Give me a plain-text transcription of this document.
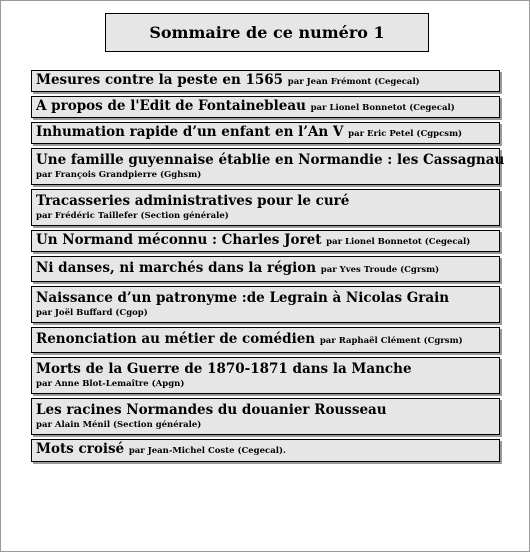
Sommaire de ce numéro 1
Mesures contre la peste en 1565 par Jean Frémont (Cegecal)
A propos de l'Edit de Fontainebleau par Lionel Bonnetot (Cegecal)
Inhumation rapide d’un enfant en l’An V par Eric Petel (Cgpcsm)
Une famille guyennaise établie en Normandie : les Cassagnau
par François Grandpierre (Gghsm)
Tracasseries administratives pour le curé
par Frédéric Taillefer (Section générale)
Un Normand méconnu : Charles Joret par Lionel Bonnetot (Cegecal)
Ni danses, ni marchés dans la région par Yves Troude (Cgrsm)
Naissance d’un patronyme :de Legrain à Nicolas Grain
par Joël Buffard (Cgop)
Renonciation au métier de comédien par Raphaël Clément (Cgrsm)
Morts de la Guerre de 1870-1871 dans la Manche
par Anne Blot-Lemaître (Apgn)
Les racines Normandes du douanier Rousseau
par Alain Ménil (Section générale)
Mots croisé par Jean-Michel Coste (Cegecal).
